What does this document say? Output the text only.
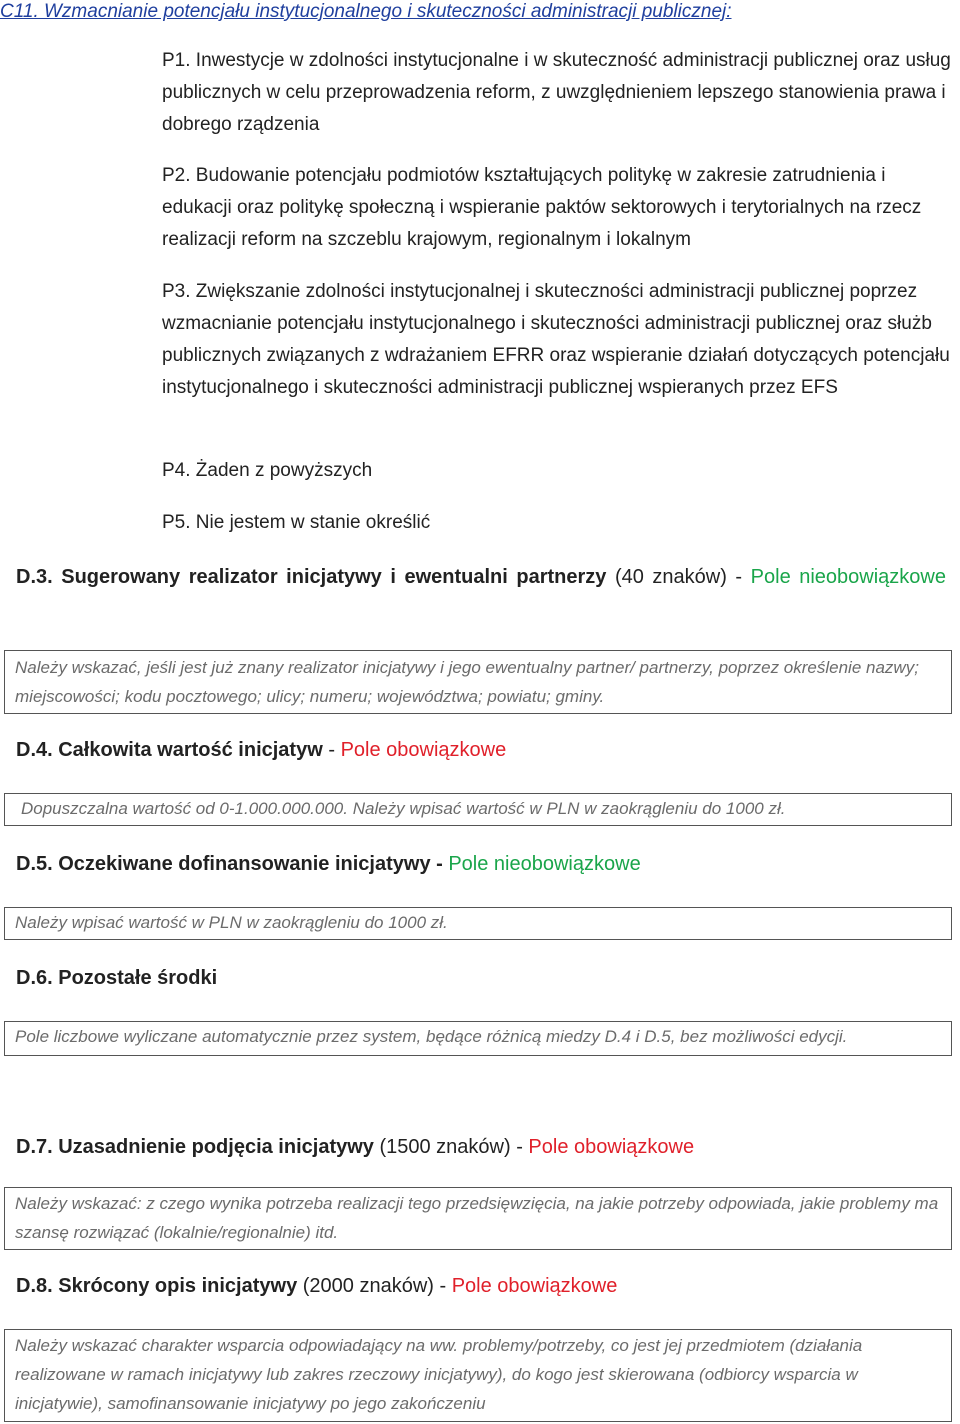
C11. Wzmacnianie potencjału instytucjonalnego i skuteczności administracji publicznej:
P1. Inwestycje w zdolności instytucjonalne i w skuteczność administracji publicznej oraz usług publicznych w celu przeprowadzenia reform, z uwzględnieniem lepszego stanowienia prawa i dobrego rządzenia
P2. Budowanie potencjału podmiotów kształtujących politykę w zakresie zatrudnienia i edukacji oraz politykę społeczną i wspieranie paktów sektorowych i terytorialnych na rzecz realizacji reform na szczeblu krajowym, regionalnym i lokalnym
P3. Zwiększanie zdolności instytucjonalnej i skuteczności administracji publicznej poprzez wzmacnianie potencjału instytucjonalnego i skuteczności administracji publicznej oraz służb publicznych związanych z wdrażaniem EFRR oraz wspieranie działań dotyczących potencjału instytucjonalnego i skuteczności administracji publicznej wspieranych przez EFS
P4. Żaden z powyższych
P5. Nie jestem w stanie określić
D.3. Sugerowany realizator inicjatywy i ewentualni partnerzy (40 znaków) - Pole nieobowiązkowe
Należy wskazać, jeśli jest już znany realizator inicjatywy i jego ewentualny partner/ partnerzy, poprzez określenie nazwy; miejscowości; kodu pocztowego; ulicy; numeru; województwa; powiatu; gminy.
D.4. Całkowita wartość inicjatyw - Pole obowiązkowe
Dopuszczalna wartość od 0-1.000.000.000. Należy wpisać wartość w PLN w zaokrągleniu do 1000 zł.
D.5. Oczekiwane dofinansowanie inicjatywy - Pole nieobowiązkowe
Należy wpisać wartość w PLN w zaokrągleniu do 1000 zł.
D.6. Pozostałe środki
Pole liczbowe wyliczane automatycznie przez system, będące różnicą miedzy D.4 i D.5, bez możliwości edycji.
D.7. Uzasadnienie podjęcia inicjatywy (1500 znaków) - Pole obowiązkowe
Należy wskazać: z czego wynika potrzeba realizacji tego przedsięwzięcia, na jakie potrzeby odpowiada, jakie problemy ma szansę rozwiązać (lokalnie/regionalnie) itd.
D.8. Skrócony opis inicjatywy (2000 znaków) - Pole obowiązkowe
Należy wskazać charakter wsparcia odpowiadający na ww. problemy/potrzeby, co jest jej przedmiotem (działania realizowane w ramach inicjatywy lub zakres rzeczowy inicjatywy), do kogo jest skierowana (odbiorcy wsparcia w inicjatywie), samofinansowanie inicjatywy po jego zakończeniu
